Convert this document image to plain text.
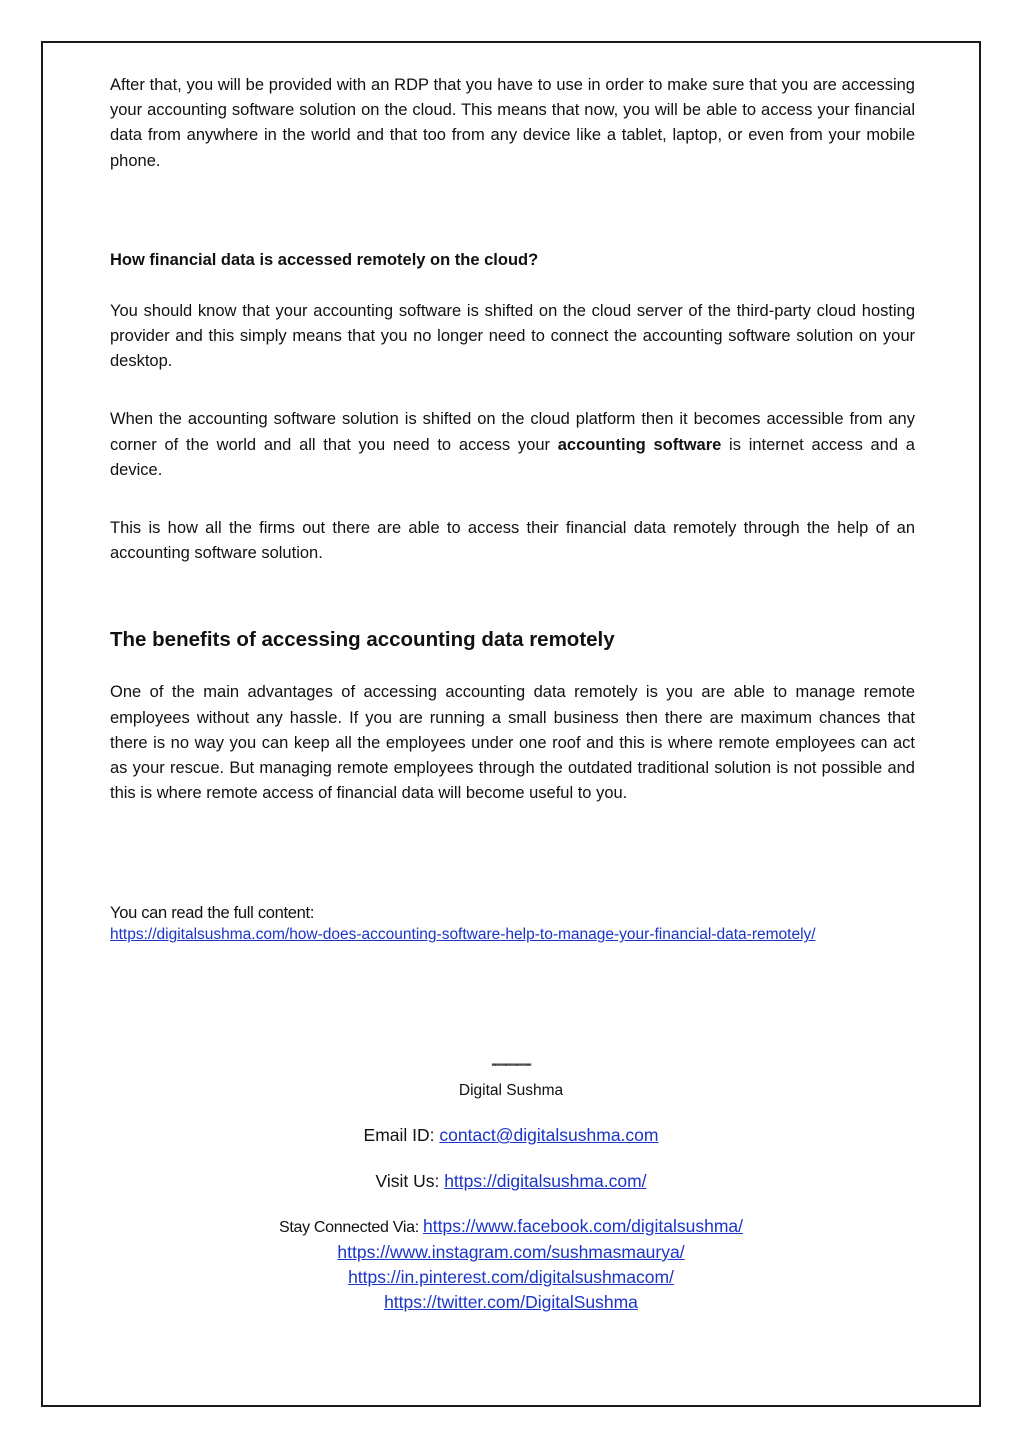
After that, you will be provided with an RDP that you have to use in order to make sure that you are accessing your accounting software solution on the cloud. This means that now, you will be able to access your financial data from anywhere in the world and that too from any device like a tablet, laptop, or even from your mobile phone.

How financial data is accessed remotely on the cloud?

You should know that your accounting software is shifted on the cloud server of the third-party cloud hosting provider and this simply means that you no longer need to connect the accounting software solution on your desktop.

When the accounting software solution is shifted on the cloud platform then it becomes accessible from any corner of the world and all that you need to access your accounting software is internet access and a device.

This is how all the firms out there are able to access their financial data remotely through the help of an accounting software solution.

The benefits of accessing accounting data remotely

One of the main advantages of accessing accounting data remotely is you are able to manage remote employees without any hassle. If you are running a small business then there are maximum chances that there is no way you can keep all the employees under one roof and this is where remote employees can act as your rescue. But managing remote employees through the outdated traditional solution is not possible and this is where remote access of financial data will become useful to you.

You can read the full content:
https://digitalsushma.com/how-does-accounting-software-help-to-manage-your-financial-data-remotely/
''''''''''''''''''''''''''''''''''''
Digital Sushma
Email ID: contact@digitalsushma.com
Visit Us: https://digitalsushma.com/
Stay Connected Via: https://www.facebook.com/digitalsushma/
https://www.instagram.com/sushmasmaurya/
https://in.pinterest.com/digitalsushmacom/
https://twitter.com/DigitalSushma
